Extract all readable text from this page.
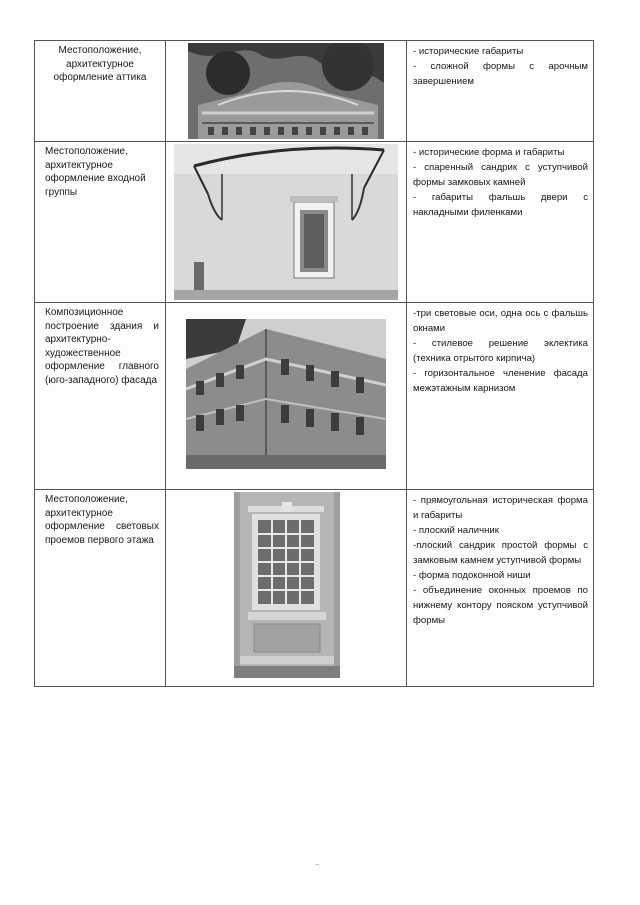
Местоположение, архитектурное оформление аттика		- исторические габариты
- сложной формы с арочным завершением

Местоположение, архитектурное оформление входной группы		- исторические форма и габариты
- спаренный сандрик с уступчивой формы замковых камней
- габариты фальшь двери с накладными филенками

Композиционное построение здания и архитектурно-художественное оформление главного (юго-западного) фасада		-три световые оси, одна ось с фальшь окнами
- стилевое решение эклектика (техника отрытого кирпича)
- горизонтальное членение фасада межэтажным карнизом

Местоположение, архитектурное оформление световых проемов первого этажа		- прямоугольная историческая форма и габариты
- плоский наличник
-плоский сандрик простой формы с замковым камнем уступчивой формы
- форма подоконной ниши
- объединение оконных проемов по нижнему контору пояском уступчивой формы
